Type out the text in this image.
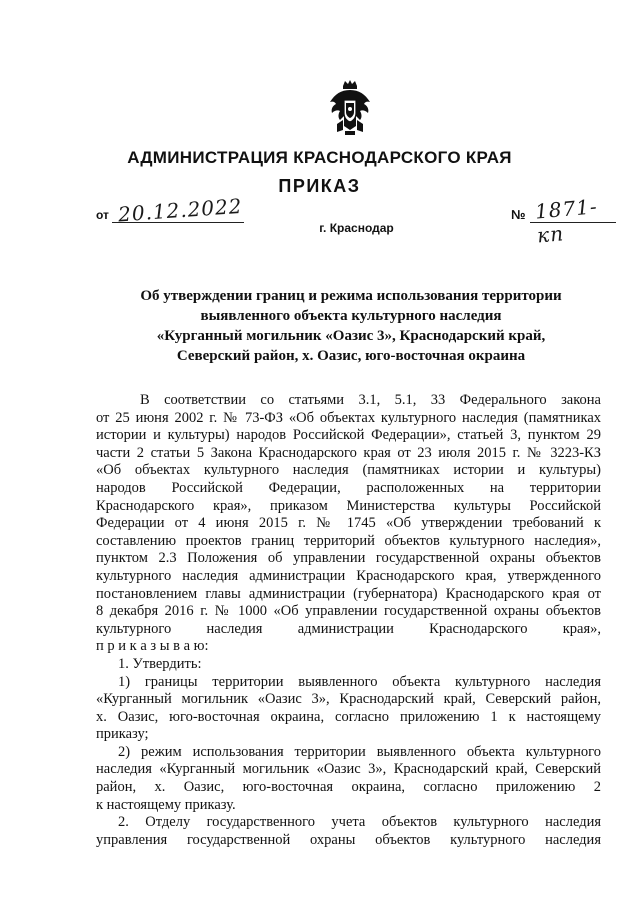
АДМИНИСТРАЦИЯ КРАСНОДАРСКОГО КРАЯ
ПРИКАЗ
от 20.12.2022	№ 1871-кп
г. Краснодар
Об утверждении границ и режима использования территории
выявленного объекта культурного наследия
«Курганный могильник «Оазис 3», Краснодарский край,
Северский район, х. Оазис, юго-восточная окраина
В соответствии со статьями 3.1, 5.1, 33 Федерального закона
от 25 июня 2002 г. № 73-ФЗ «Об объектах культурного наследия (памятниках
истории и культуры) народов Российской Федерации», статьей 3, пунктом 29
части 2 статьи 5 Закона Краснодарского края от 23 июля 2015 г. № 3223-КЗ
«Об объектах культурного наследия (памятниках истории и культуры)
народов Российской Федерации, расположенных на территории
Краснодарского края», приказом Министерства культуры Российской
Федерации от 4 июня 2015 г. № 1745 «Об утверждении требований к
составлению проектов границ территорий объектов культурного наследия»,
пунктом 2.3 Положения об управлении государственной охраны объектов
культурного наследия администрации Краснодарского края, утвержденного
постановлением главы администрации (губернатора) Краснодарского края от
8 декабря 2016 г. № 1000 «Об управлении государственной охраны объектов
культурного наследия администрации Краснодарского края»,
п р и к а з ы в а ю:
1. Утвердить:
1) границы территории выявленного объекта культурного наследия
«Курганный могильник «Оазис 3», Краснодарский край, Северский район,
х. Оазис, юго-восточная окраина, согласно приложению 1 к настоящему
приказу;
2) режим использования территории выявленного объекта культурного
наследия «Курганный могильник «Оазис 3», Краснодарский край, Северский
район, х. Оазис, юго-восточная окраина, согласно приложению 2
к настоящему приказу.
2. Отделу государственного учета объектов культурного наследия
управления государственной охраны объектов культурного наследия
